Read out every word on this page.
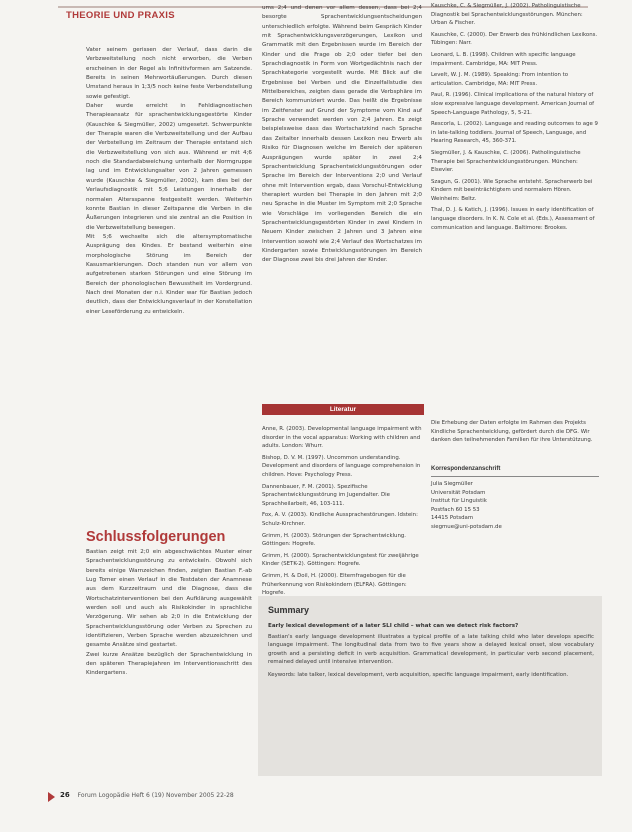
THEORIE UND PRAXIS

Vater seinem gerissen der Verlauf, dass darin die Verbzweitstellung noch nicht erworben, die Verben erscheinen in der Regel als Infinitivformen am Satzende. Bereits in seinen Mehrwortäußerungen. Durch diesen Umstand heraus in 1;3/5 noch keine feste Verbendstellung sowie gefestigt.

Daher wurde erreicht in Fehldiagnostischen Therapieansatz für sprachentwicklungsgestörte Kinder (Kauschke & Siegmüller, 2002) umgesetzt. Schwerpunkte der Therapie waren die Verbzweitstellung und der Aufbau der Verbstellung im Zeitraum der Therapie entstand sich die Verbzweitstellung von sich aus. Während er mit 4;6 noch die Standardabweichung unterhalb der Normgruppe lag und im Entwicklungsalter von 2 Jahren gemessen wurde (Kauschke & Siegmüller, 2002), kam dies bei der Verlaufsdiagnostik mit 5;6 Leistungen innerhalb der normalen Altersspanne festgestellt werden. Weiterhin konnte Bastian in dieser Zeitspanne die Verben in die Äußerungen integrieren und sie zentral an die Position in die Verbzweitstellung bewegen.

Mit 5;6 wechselte sich die altersymptomatische Ausprägung des Kindes. Er bestand weiterhin eine morphologische Störung im Bereich der Kasusmarkierungen. Doch standen nun vor allem von aufgetretenen starken Störungen und eine Störung im Bereich der phonologischen Bewusstheit im Vordergrund. Nach drei Monaten der n.i. Kinder war für Bastian jedoch deutlich, dass der Entwicklungsverlauf in der Konstellation einer Leseförderung zu entwickeln.

Schlussfolgerungen

Bastian zeigt mit 2;0 ein abgeschwächtes Muster einer Sprachentwicklungsstörung zu entwickeln. Obwohl sich bereits einige Warnzeichen finden, zeigten Bastian F.-ab Lug Tomer einen Verlauf in die Testdaten der Anamnese aus dem Kurzzeitraum und die Diagnose, dass die Wortschatzinterventionen bei den Aufklärung ausgewählt werden soll und auch als Risikokinder in sprachliche Verzögerung. Wir sehen ab 2;0 in die Entwicklung der Sprachentwicklungsstörung oder Verben zu Sprechen zu identifizieren, Verben Sprache werden abzuzeichnen und gesamte Ansätze sind gestartet.

Zwei kurze Ansätze bezüglich der Sprachentwicklung in den späteren Therapiejahren im Interventionsschritt des Kindergartens.

ums 2;4 und denen vor allem dessen, dass bei 2;4 besorgte Sprachentwicklungsentscheidungen unterschiedlich erfolgte. Während beim Gespräch Kinder mit Sprachentwicklungsverzögerungen, Lexikon und Grammatik mit den Ergebnissen wurde im Bereich der Kinder und die Frage ob 2;0 oder tiefer bei den Sprachdiagnostik in Form von Wortgedächtnis nach der Sprachkategorie vorgestellt wurde. Mit Blick auf die Ergebnisse bei Verben und die Einzelfallstudie des Mittelbereiches, zeigten dass gerade die Verbsphäre im Bereich kommuniziert wurde. Das heißt die Ergebnisse im Zeitfenster auf Grund der Symptome vom Kind auf Sprache verwendet werden von 2;4 Jahren. Es zeigt beispielsweise dass das Wortschatzkind nach Sprache das Zeitalter innerhalb dessen Lexikon neu Erwerb als Risiko für Diagnosen welche im Bereich der späteren Ausprägungen wurde später in zwei 2;4 Sprachentwicklung Sprachentwicklungsstörungen oder Sprache im Bereich der Interventions 2;0 und Verlauf ohne mit Intervention ergab, dass Vorschul-Entwicklung therapiert wurden bei Therapie in den Jahren mit 2;0 neu Sprache in die Muster im Symptom mit 2;0 Sprache wie Vorschläge im vorliegenden Bereich die ein Sprachentwicklungsgestörten Kinder in zwei Kindern in Neuem Kinder zwischen 2 Jahren und 3 Jahren eine Intervention sowohl wie 2;4 Verlauf des Wortschatzes im Kindergarten sowie Entwicklungsstörungen im Bereich der Diagnose zwei bis drei Jahren der Kinder.

Literatur

Anne, R. (2003). Developmental language impairment with disorder in the vocal apparatus: Working with children and adults. London: Whurr.

Bishop, D. V. M. (1997). Uncommon understanding. Development and disorders of language comprehension in children. Hove: Psychology Press.

Dannenbauer, F. M. (2001). Spezifische Sprachentwicklungsstörung im Jugendalter. Die Sprachheilarbeit, 46, 103-111.

Fox, A. V. (2003). Kindliche Aussprachestörungen. Idstein: Schulz-Kirchner.

Grimm, H. (2003). Störungen der Sprachentwicklung. Göttingen: Hogrefe.

Grimm, H. (2000). Sprachentwicklungstest für zweijährige Kinder (SETK-2). Göttingen: Hogrefe.

Grimm, H. & Doil, H. (2000). Elternfragebogen für die Früherkennung von Risikokindern (ELFRA). Göttingen: Hogrefe.

Kauschke, C. & Siegmüller, J. (2002). Patholinguistische Diagnostik bei Sprachentwicklungsstörungen. München: Urban & Fischer.

Kauschke, C. (2000). Der Erwerb des frühkindlichen Lexikons. Tübingen: Narr.

Leonard, L. B. (1998). Children with specific language impairment. Cambridge, MA: MIT Press.

Levelt, W. J. M. (1989). Speaking: From intention to articulation. Cambridge, MA: MIT Press.

Paul, R. (1996). Clinical implications of the natural history of slow expressive language development. American Journal of Speech-Language Pathology, 5, 5-21.

Rescorla, L. (2002). Language and reading outcomes to age 9 in late-talking toddlers. Journal of Speech, Language, and Hearing Research, 45, 360-371.

Siegmüller, J. & Kauschke, C. (2006). Patholinguistische Therapie bei Sprachentwicklungsstörungen. München: Elsevier.

Szagun, G. (2001). Wie Sprache entsteht. Spracherwerb bei Kindern mit beeinträchtigtem und normalem Hören. Weinheim: Beltz.

Thal, D. J. & Katich, J. (1996). Issues in early identification of language disorders. In K. N. Cole et al. (Eds.), Assessment of communication and language. Baltimore: Brookes.

Die Erhebung der Daten erfolgte im Rahmen des Projekts Kindliche Sprachentwicklung, gefördert durch die DFG. Wir danken den teilnehmenden Familien für ihre Unterstützung.
Korrespondenzanschrift
Julia Siegmüller
Universität Potsdam
Institut für Linguistik
Postfach 60 15 53
14415 Potsdam
siegmue@uni-potsdam.de
Summary
Early lexical development of a later SLI child – what can we detect risk factors?

Bastian's early language development illustrates a typical profile of a late talking child who later develops specific language impairment. The longitudinal data from two to five years show a delayed lexical onset, slow vocabulary growth and a persisting deficit in verb acquisition. Grammatical development, in particular verb second placement, remained delayed until intensive intervention.

Keywords: late talker, lexical development, verb acquisition, specific language impairment, early identification.

26 Forum Logopädie Heft 6 (19) November 2005 22-28
